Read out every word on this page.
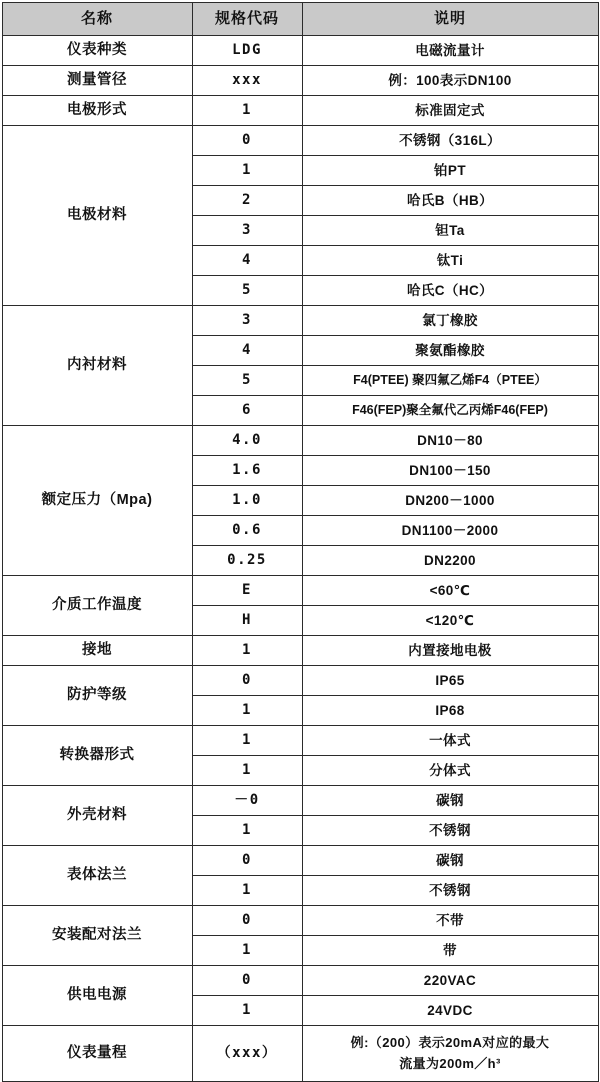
名称	规格代码	说明
仪表种类	LDG	电磁流量计
测量管径	xxx	例：100表示DN100
电极形式	1	标准固定式
电极材料	0	不锈钢（316L）
	1	铂PT
	2	哈氏B（HB）
	3	钽Ta
	4	钛Ti
	5	哈氏C（HC）
内衬材料	3	氯丁橡胶
	4	聚氨酯橡胶
	5	F4(PTEE) 聚四氟乙烯F4（PTEE）
	6	F46(FEP)聚全氟代乙丙烯F46(FEP)
额定压力（Mpa)	4.0	DN10－80
	1.6	DN100－150
	1.0	DN200－1000
	0.6	DN1100－2000
	0.25	DN2200
介质工作温度	E	<60℃
	H	<120℃
接地	1	内置接地电极
防护等级	0	IP65
	1	IP68
转换器形式	1	一体式
	1	分体式
外壳材料	－0	碳钢
	1	不锈钢
表体法兰	0	碳钢
	1	不锈钢
安装配对法兰	0	不带
	1	带
供电电源	0	220VAC
	1	24VDC
仪表量程	（xxx）	例:（200）表示20mA对应的最大
流量为200m／h³
